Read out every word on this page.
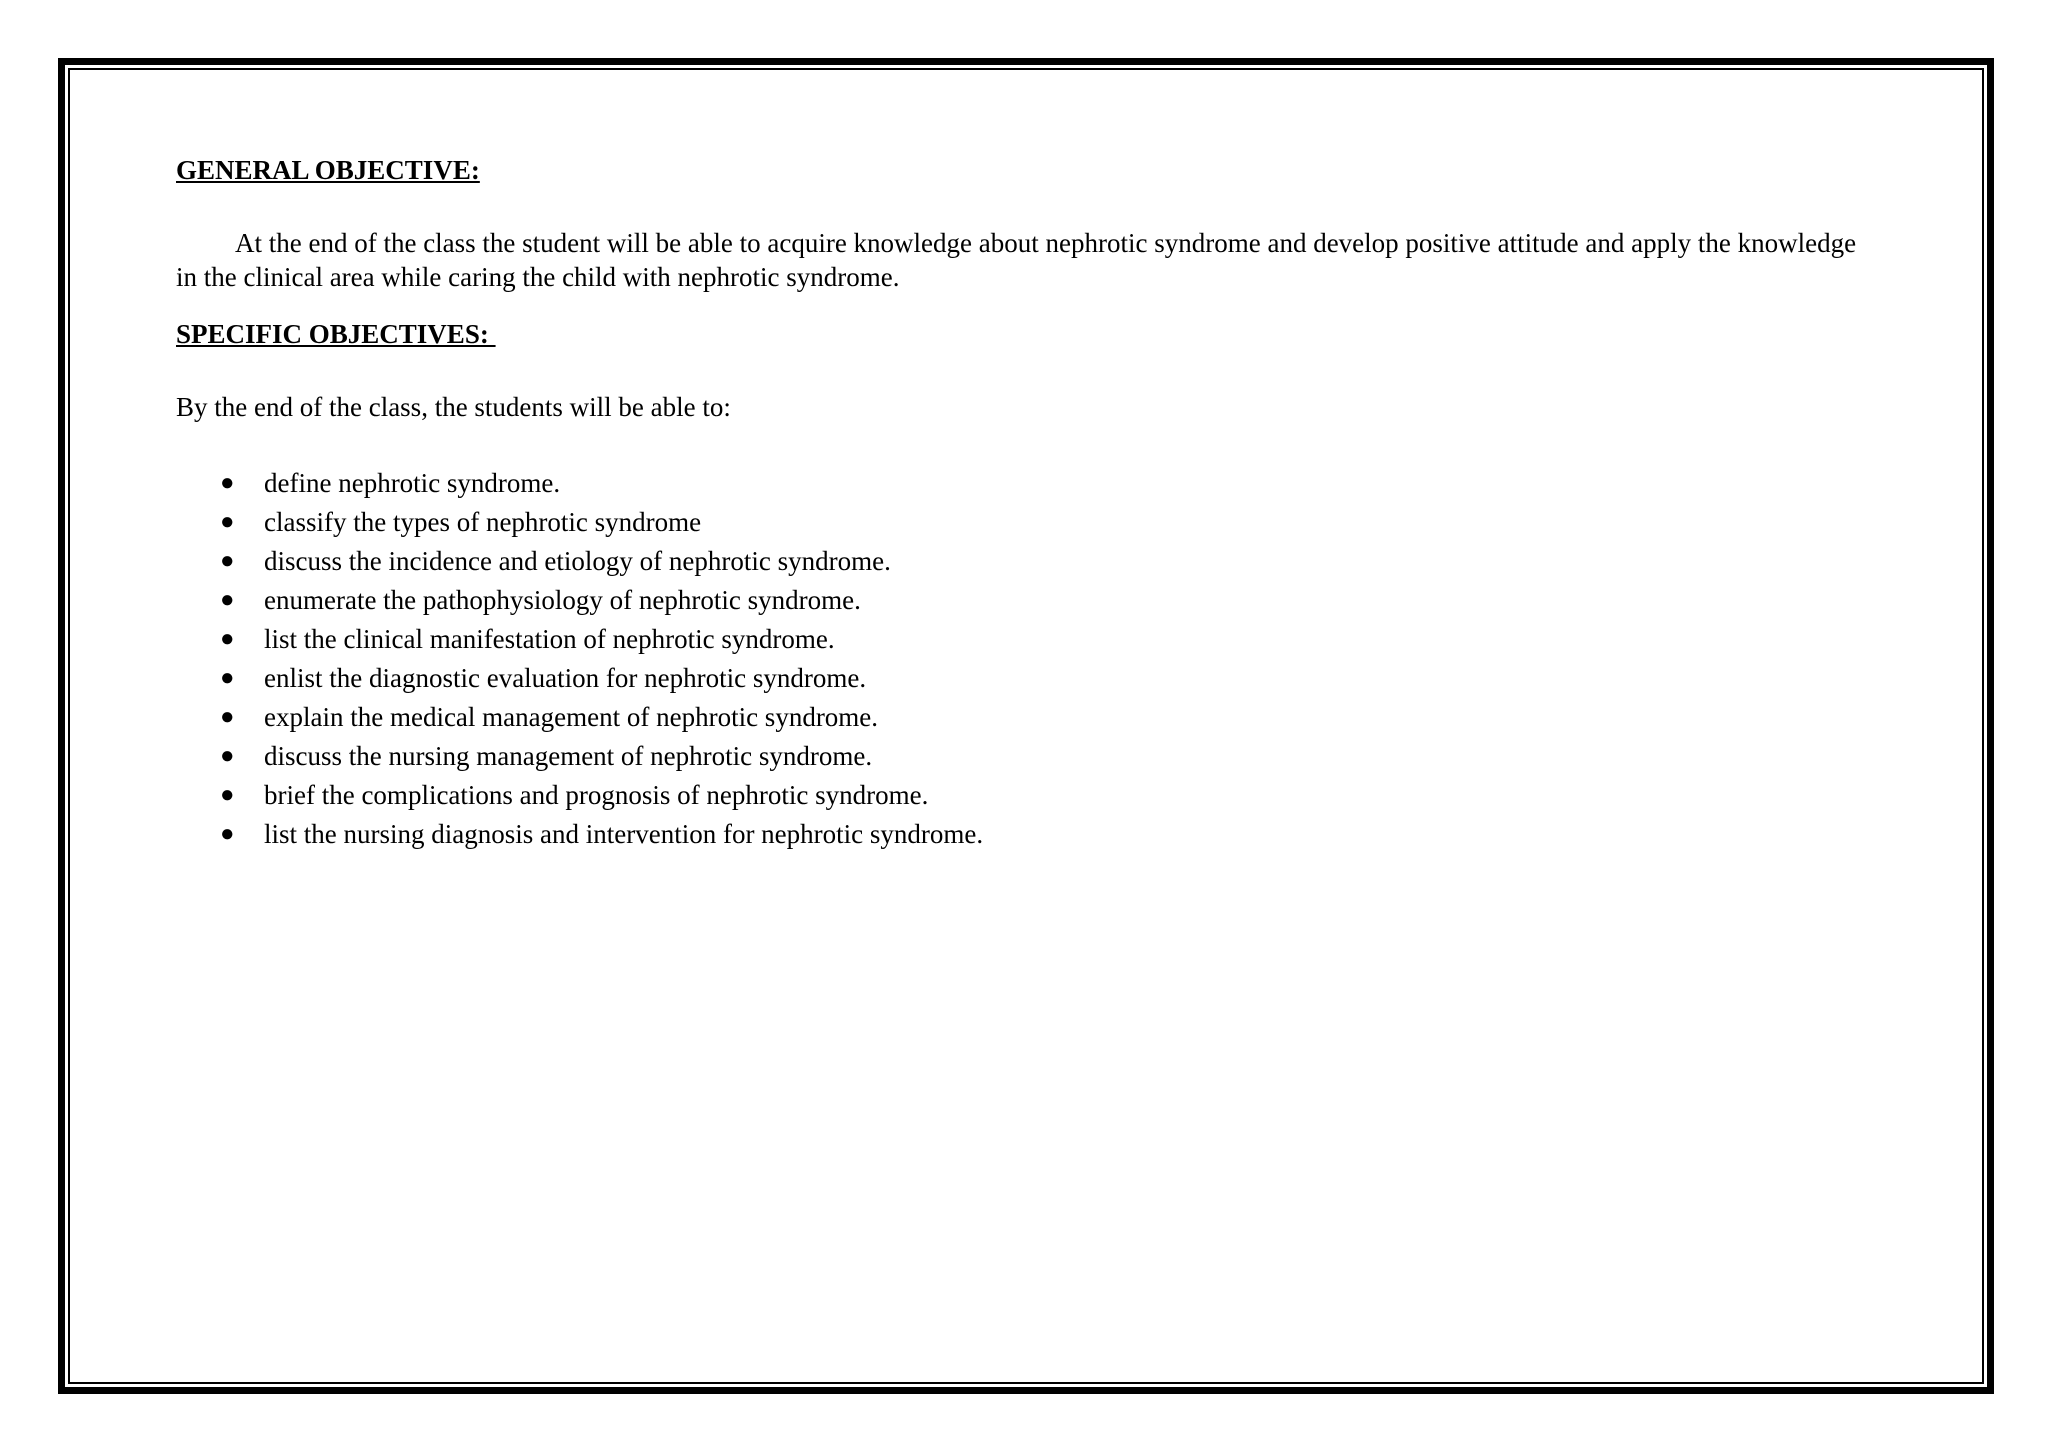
GENERAL OBJECTIVE:

At the end of the class the student will be able to acquire knowledge about nephrotic syndrome and develop positive attitude and apply the knowledge in the clinical area while caring the child with nephrotic syndrome.

SPECIFIC OBJECTIVES:

By the end of the class, the students will be able to:

● define nephrotic syndrome.
● classify the types of nephrotic syndrome
● discuss the incidence and etiology of nephrotic syndrome.
● enumerate the pathophysiology of nephrotic syndrome.
● list the clinical manifestation of nephrotic syndrome.
● enlist the diagnostic evaluation for nephrotic syndrome.
● explain the medical management of nephrotic syndrome.
● discuss the nursing management of nephrotic syndrome.
● brief the complications and prognosis of nephrotic syndrome.
● list the nursing diagnosis and intervention for nephrotic syndrome.
